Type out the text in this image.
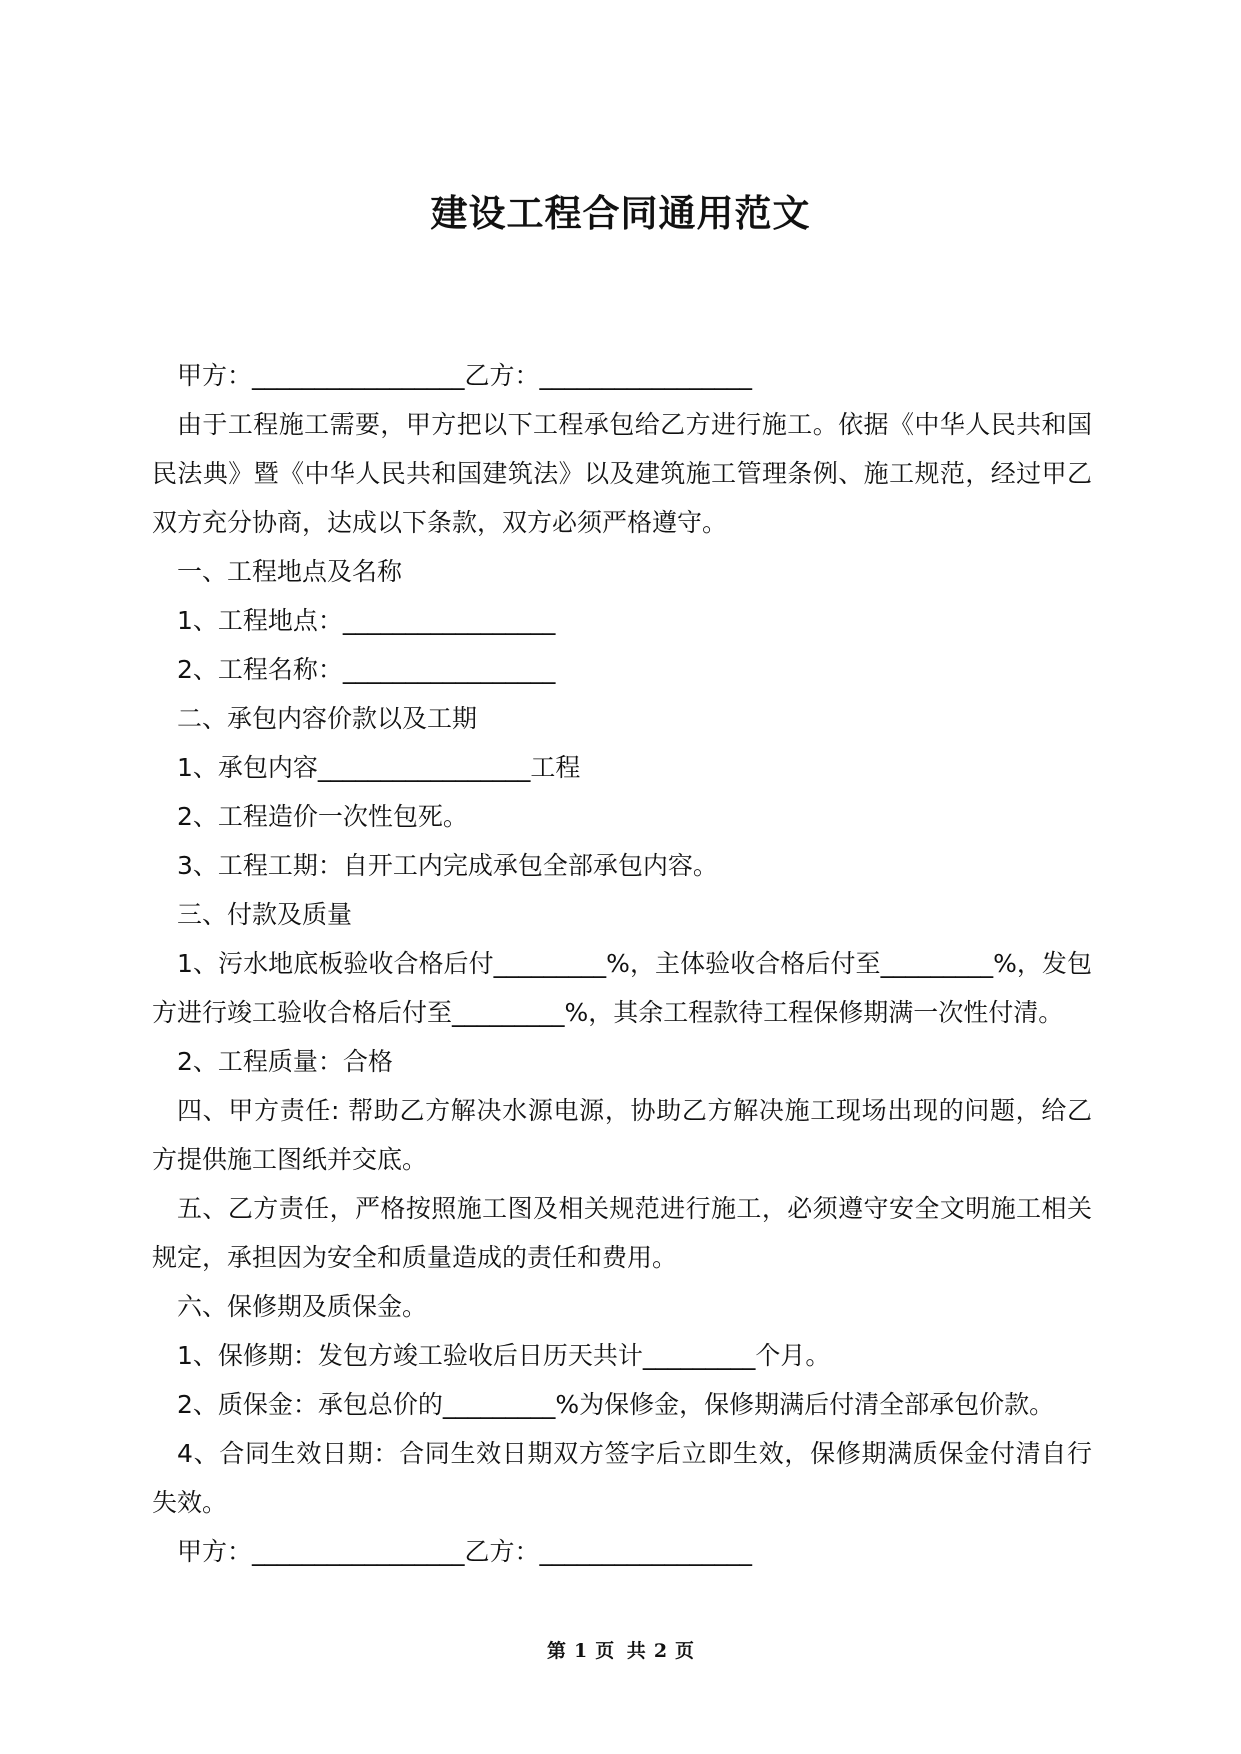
建设工程合同通用范文

甲方：_________________乙方：_________________

由于工程施工需要，甲方把以下工程承包给乙方进行施工。依据《中华人民共和国民法典》暨《中华人民共和国建筑法》以及建筑施工管理条例、施工规范，经过甲乙双方充分协商，达成以下条款，双方必须严格遵守。

一、工程地点及名称

1、工程地点：_________________

2、工程名称：_________________

二、承包内容价款以及工期

1、承包内容_________________工程

2、工程造价一次性包死。

3、工程工期：自开工内完成承包全部承包内容。

三、付款及质量

1、污水地底板验收合格后付_________%，主体验收合格后付至_________%，发包方进行竣工验收合格后付至_________%，其余工程款待工程保修期满一次性付清。

2、工程质量：合格

四、甲方责任: 帮助乙方解决水源电源，协助乙方解决施工现场出现的问题，给乙方提供施工图纸并交底。

五、乙方责任，严格按照施工图及相关规范进行施工，必须遵守安全文明施工相关规定，承担因为安全和质量造成的责任和费用。

六、保修期及质保金。

1、保修期：发包方竣工验收后日历天共计_________个月。

2、质保金：承包总价的_________%为保修金，保修期满后付清全部承包价款。

4、合同生效日期：合同生效日期双方签字后立即生效，保修期满质保金付清自行失效。

甲方：_________________乙方：_________________

第 1 页 共 2 页
